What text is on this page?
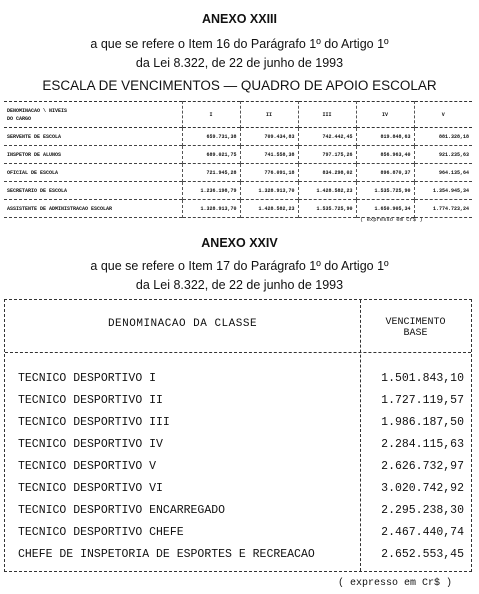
ANEXO XXIII
a que se refere o Item 16 do Parágrafo 1º do Artigo 1º
da Lei 8.322, de 22 de junho de 1993
ESCALA DE VENCIMENTOS — QUADRO DE APOIO ESCOLAR
DENOMINACAO \ NIVEIS
DO CARGO	I	II	III	IV	V
SERVENTE DE ESCOLA	659.731,38	709.434,83	742.442,45	819.848,63	881.328,18
INSPETOR DE ALUNOS	689.021,75	741.558,38	797.175,26	856.963,40	921.235,63
OFICIAL DE ESCOLA	721.945,28	776.091,18	834.298,02	896.870,37	964.135,64
SECRETARIO DE ESCOLA	1.236.198,79	1.328.913,70	1.428.582,23	1.535.725,90	1.354.945,34
ASSISTENTE DE ADMINISTRACAO ESCOLAR	1.328.913,70	1.428.582,23	1.535.725,90	1.650.905,34	1.774.723,24
( expresso em Cr$ )
ANEXO XXIV
a que se refere o Item 17 do Parágrafo 1º do Artigo 1º
da Lei 8.322, de 22 de junho de 1993
DENOMINACAO DA CLASSE	VENCIMENTO
BASE
TECNICO DESPORTIVO I	1.501.843,10
TECNICO DESPORTIVO II	1.727.119,57
TECNICO DESPORTIVO III	1.986.187,50
TECNICO DESPORTIVO IV	2.284.115,63
TECNICO DESPORTIVO V	2.626.732,97
TECNICO DESPORTIVO VI	3.020.742,92
TECNICO DESPORTIVO ENCARREGADO	2.295.238,30
TECNICO DESPORTIVO CHEFE	2.467.440,74
CHEFE DE INSPETORIA DE ESPORTES E RECREACAO	2.652.553,45
( expresso em Cr$ )
